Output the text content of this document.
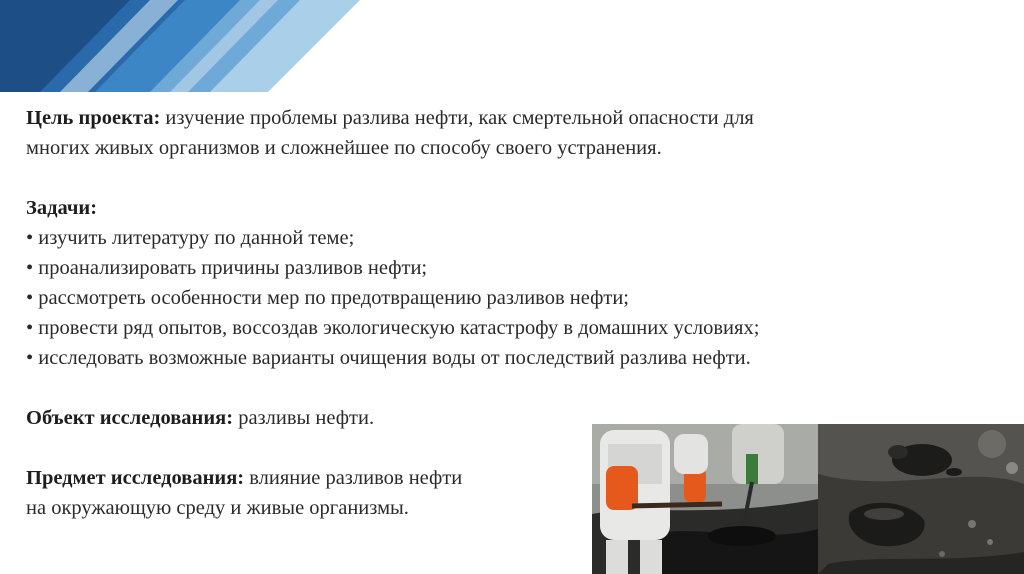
Цель проекта: изучение проблемы разлива нефти, как смертельной опасности для

многих живых организмов и сложнейшее по способу своего устранения.

Задачи:

• изучить литературу по данной теме;

• проанализировать причины разливов нефти;

• рассмотреть особенности мер по предотвращению разливов нефти;

• провести ряд опытов, воссоздав экологическую катастрофу в домашних условиях;

• исследовать возможные варианты очищения воды от последствий разлива нефти.

Объект исследования: разливы нефти.

Предмет исследования: влияние разливов нефти

на окружающую среду и живые организмы.
